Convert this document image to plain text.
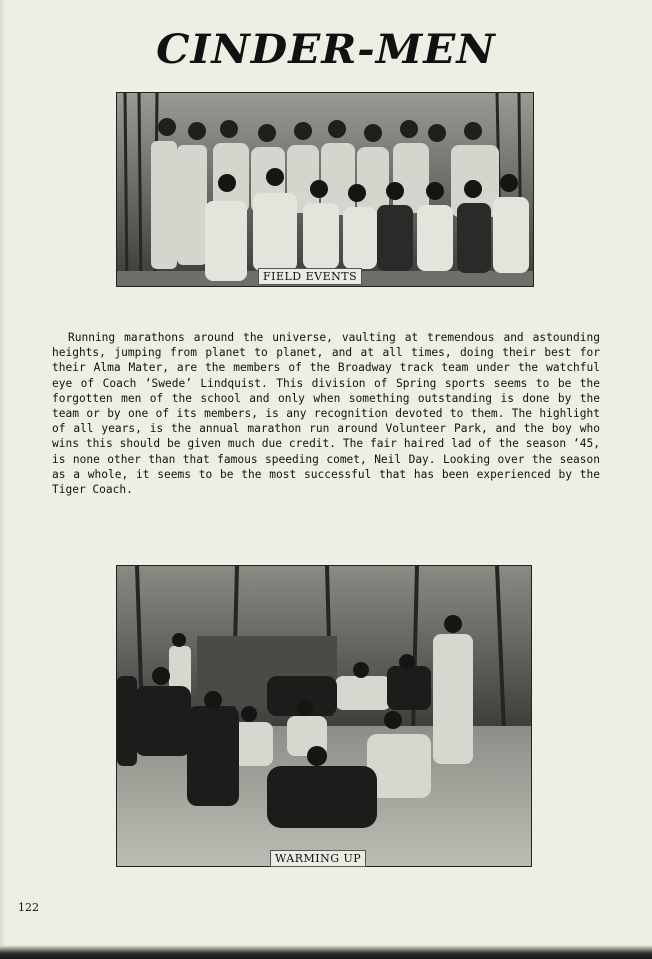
CINDER-MEN
FIELD EVENTS

Running marathons around the universe, vaulting at tremendous and astounding heights, jumping from planet to planet, and at all times, doing their best for their Alma Mater, are the members of the Broadway track team under the watchful eye of Coach ‘Swede’ Lindquist. This division of Spring sports seems to be the forgotten men of the school and only when something outstanding is done by the team or by one of its members, is any recognition devoted to them. The highlight of all years, is the annual marathon run around Volunteer Park, and the boy who wins this should be given much due credit. The fair haired lad of the season ‘45, is none other than that famous speeding comet, Neil Day. Looking over the season as a whole, it seems to be the most successful that has been experienced by the Tiger Coach.

WARMING UP
122
